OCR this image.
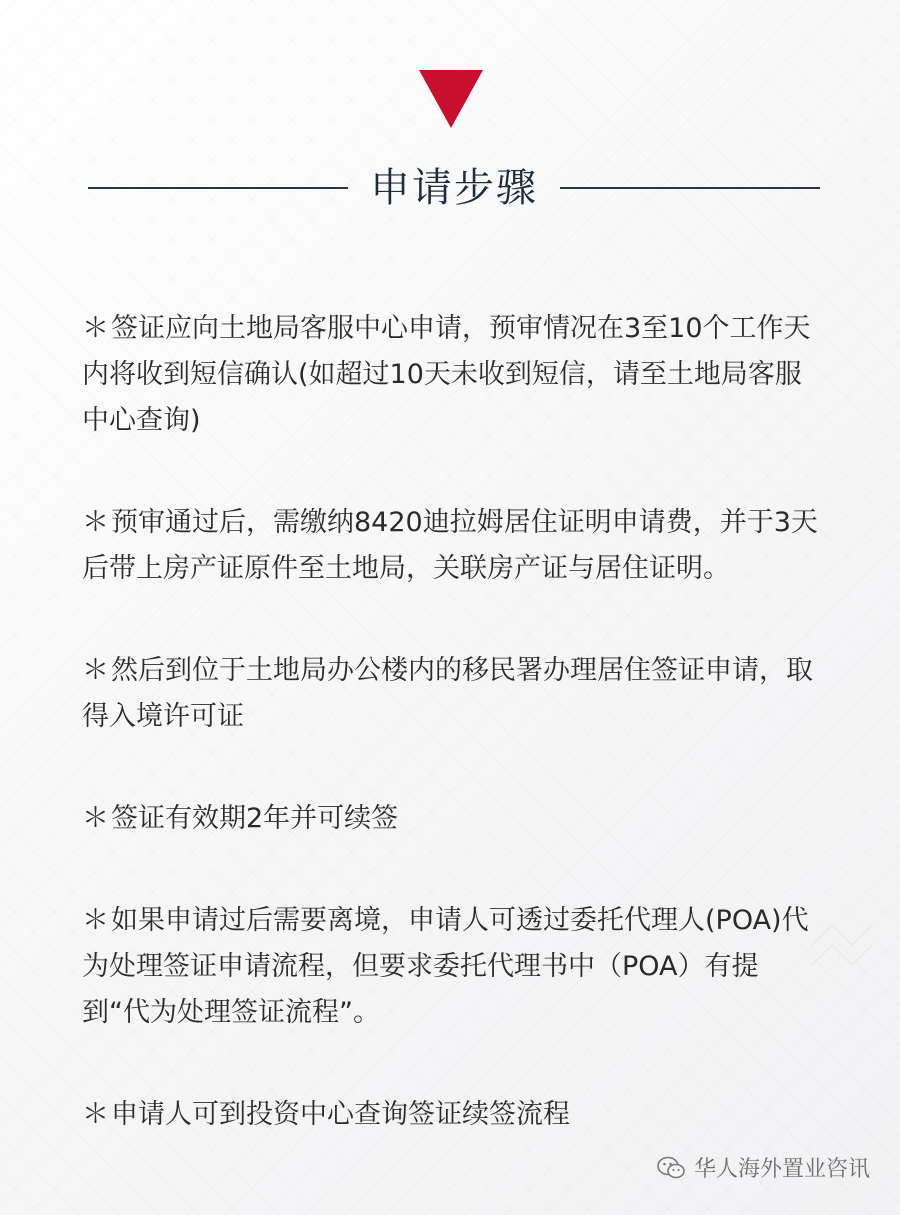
申请步骤
＊签证应向土地局客服中心申请，预审情况在3至10个工作天内将收到短信确认(如超过10天未收到短信，请至土地局客服中心查询)
＊预审通过后，需缴纳8420迪拉姆居住证明申请费，并于3天后带上房产证原件至土地局，关联房产证与居住证明。
＊然后到位于土地局办公楼内的移民署办理居住签证申请，取得入境许可证
＊签证有效期2年并可续签
＊如果申请过后需要离境，申请人可透过委托代理人(POA)代为处理签证申请流程，但要求委托代理书中（POA）有提到“代为处理签证流程”。
＊申请人可到投资中心查询签证续签流程
华人海外置业咨讯
